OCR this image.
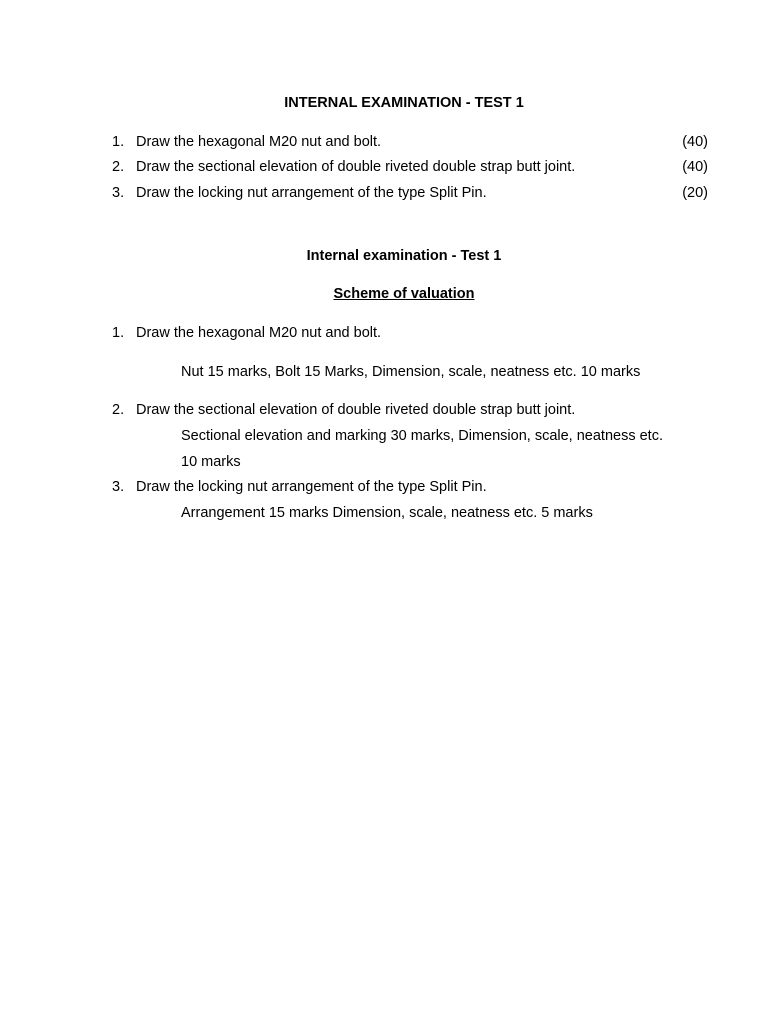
INTERNAL EXAMINATION - TEST 1
1. Draw the hexagonal M20 nut and bolt.	(40)
2. Draw the sectional elevation of double riveted double strap butt joint.	(40)
3. Draw the locking nut arrangement of the type Split Pin.	(20)
Internal examination - Test 1
Scheme of valuation
1. Draw the hexagonal M20 nut and bolt.
Nut 15 marks, Bolt 15 Marks, Dimension, scale, neatness etc. 10 marks
2. Draw the sectional elevation of double riveted double strap butt joint.
Sectional elevation and marking 30 marks, Dimension, scale, neatness etc.
10 marks
3. Draw the locking nut arrangement of the type Split Pin.
Arrangement 15 marks Dimension, scale, neatness etc. 5 marks
